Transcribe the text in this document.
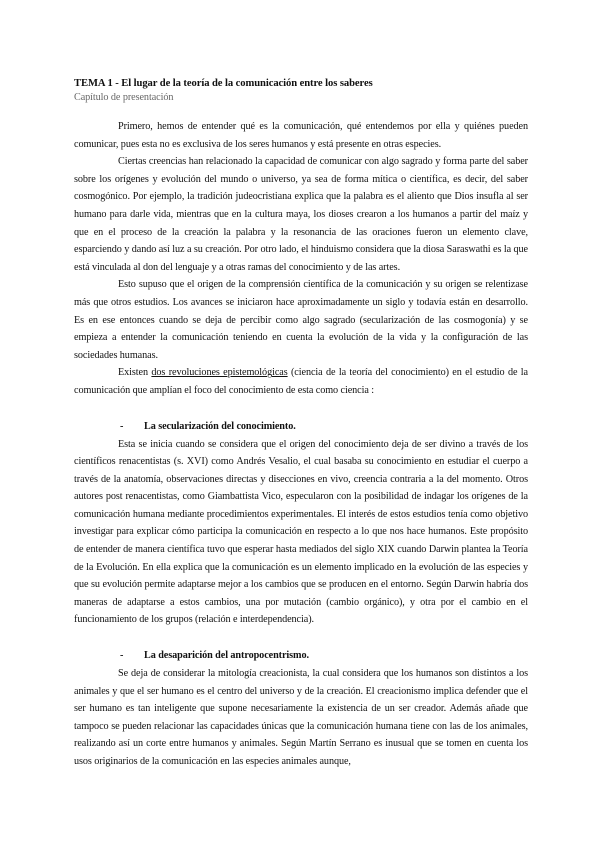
TEMA 1 - El lugar de la teoría de la comunicación entre los saberes
Capítulo de presentación

Primero, hemos de entender qué es la comunicación, qué entendemos por ella y quiénes pueden comunicar, pues esta no es exclusiva de los seres humanos y está presente en otras especies.

Ciertas creencias han relacionado la capacidad de comunicar con algo sagrado y forma parte del saber sobre los orígenes y evolución del mundo o universo, ya sea de forma mítica o científica, es decir, del saber cosmogónico. Por ejemplo, la tradición judeocristiana explica que la palabra es el aliento que Dios insufla al ser humano para darle vida, mientras que en la cultura maya, los dioses crearon a los humanos a partir del maíz y que en el proceso de la creación la palabra y la resonancia de las oraciones fueron un elemento clave, esparciendo y dando así luz a su creación. Por otro lado, el hinduismo considera que la diosa Saraswathi es la que está vinculada al don del lenguaje y a otras ramas del conocimiento y de las artes.

Esto supuso que el origen de la comprensión científica de la comunicación y su origen se relentizase más que otros estudios. Los avances se iniciaron hace aproximadamente un siglo y todavía están en desarrollo. Es en ese entonces cuando se deja de percibir como algo sagrado (secularización de las cosmogonía) y se empieza a entender la comunicación teniendo en cuenta la evolución de la vida y la configuración de las sociedades humanas.

Existen dos revoluciones epistemológicas (ciencia de la teoría del conocimiento) en el estudio de la comunicación que amplían el foco del conocimiento de esta como ciencia :

- La secularización del conocimiento.

Esta se inicia cuando se considera que el origen del conocimiento deja de ser divino a través de los científicos renacentistas (s. XVI) como Andrés Vesalio, el cual basaba su conocimiento en estudiar el cuerpo a través de la anatomía, observaciones directas y disecciones en vivo, creencia contraria a la del momento. Otros autores post renacentistas, como Giambattista Vico, especularon con la posibilidad de indagar los orígenes de la comunicación humana mediante procedimientos experimentales. El interés de estos estudios tenía como objetivo investigar para explicar cómo participa la comunicación en respecto a lo que nos hace humanos. Este propósito de entender de manera científica tuvo que esperar hasta mediados del siglo XIX cuando Darwin plantea la Teoría de la Evolución. En ella explica que la comunicación es un elemento implicado en la evolución de las especies y que su evolución permite adaptarse mejor a los cambios que se producen en el entorno. Según Darwin habría dos maneras de adaptarse a estos cambios, una por mutación (cambio orgánico), y otra por el cambio en el funcionamiento de los grupos (relación e interdependencia).

- La desaparición del antropocentrismo.

Se deja de considerar la mitología creacionista, la cual considera que los humanos son distintos a los animales y que el ser humano es el centro del universo y de la creación. El creacionismo implica defender que el ser humano es tan inteligente que supone necesariamente la existencia de un ser creador. Además añade que tampoco se pueden relacionar las capacidades únicas que la comunicación humana tiene con las de los animales, realizando así un corte entre humanos y animales. Según Martín Serrano es inusual que se tomen en cuenta los usos originarios de la comunicación en las especies animales aunque,
